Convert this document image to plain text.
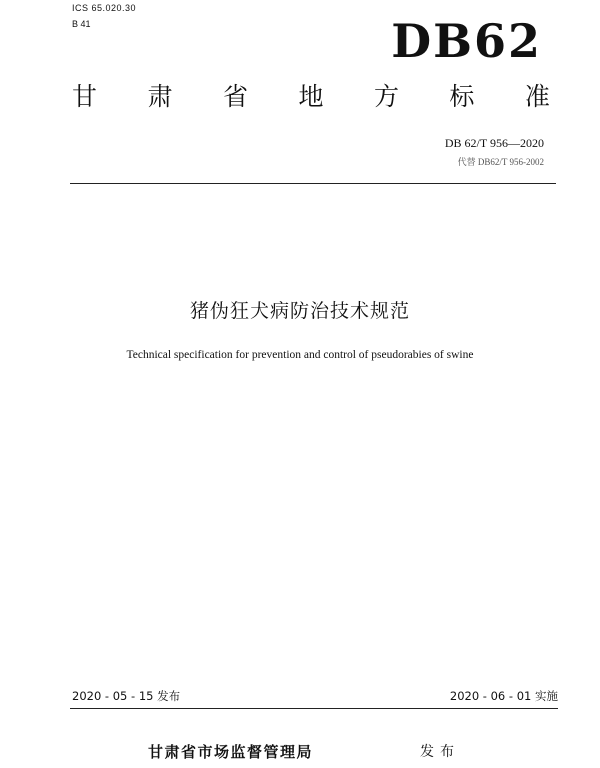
ICS 65.020.30
B 41	DB62
甘 肃 省 地 方 标 准
DB 62/T 956—2020
代替 DB62/T 956-2002
猪伪狂犬病防治技术规范
Technical specification for prevention and control of pseudorabies of swine
2020 - 05 - 15 发布	2020 - 06 - 01 实施
甘肃省市场监督管理局	发布
